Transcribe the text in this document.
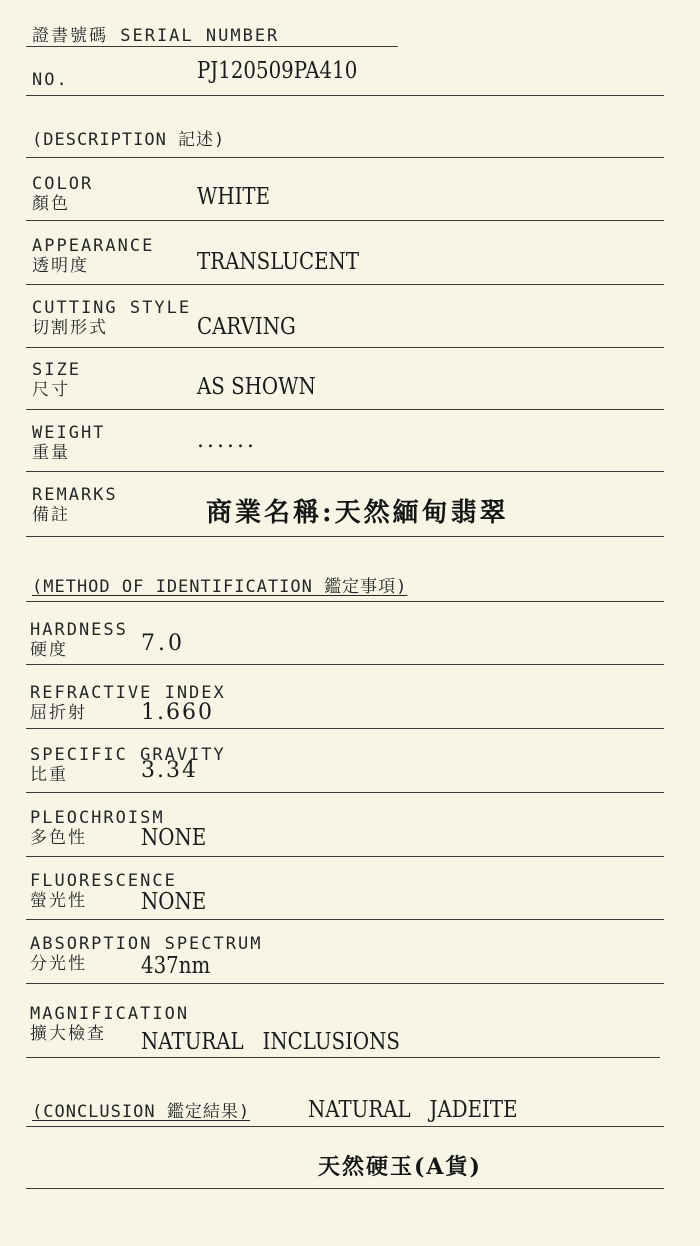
證書號碼 SERIAL NUMBER
NO.	PJ120509PA410
(DESCRIPTION 記述)
COLOR
顏色	WHITE
APPEARANCE
透明度	TRANSLUCENT
CUTTING STYLE
切割形式	CARVING
SIZE
尺寸	AS SHOWN
WEIGHT
重量	......
REMARKS
備註	商業名稱:天然緬甸翡翠
(METHOD OF IDENTIFICATION 鑑定事項)
HARDNESS
硬度	7.0
REFRACTIVE INDEX
屈折射 1.660
SPECIFIC GRAVITY
比重	3.34
PLEOCHROISM
多色性 NONE
FLUORESCENCE
螢光性 NONE
ABSORPTION SPECTRUM
分光性 437nm
MAGNIFICATION
擴大檢查 NATURAL   INCLUSIONS
(CONCLUSION 鑑定結果)	NATURAL   JADEITE
天然硬玉(A貨)
